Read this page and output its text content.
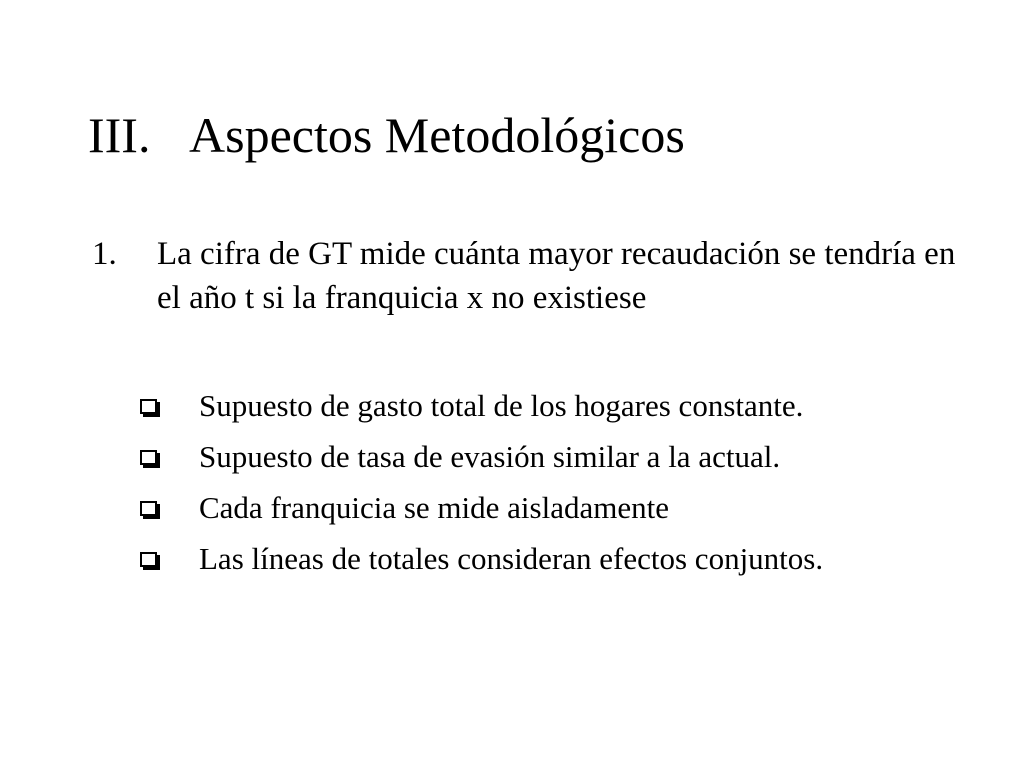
III. Aspectos Metodológicos
1. La cifra de GT mide cuánta mayor recaudación se tendría en el año t si la franquicia x no existiese
Supuesto de gasto total de los hogares constante.
Supuesto de tasa de evasión similar a la actual.
Cada franquicia se mide aisladamente
Las líneas de totales consideran efectos conjuntos.
